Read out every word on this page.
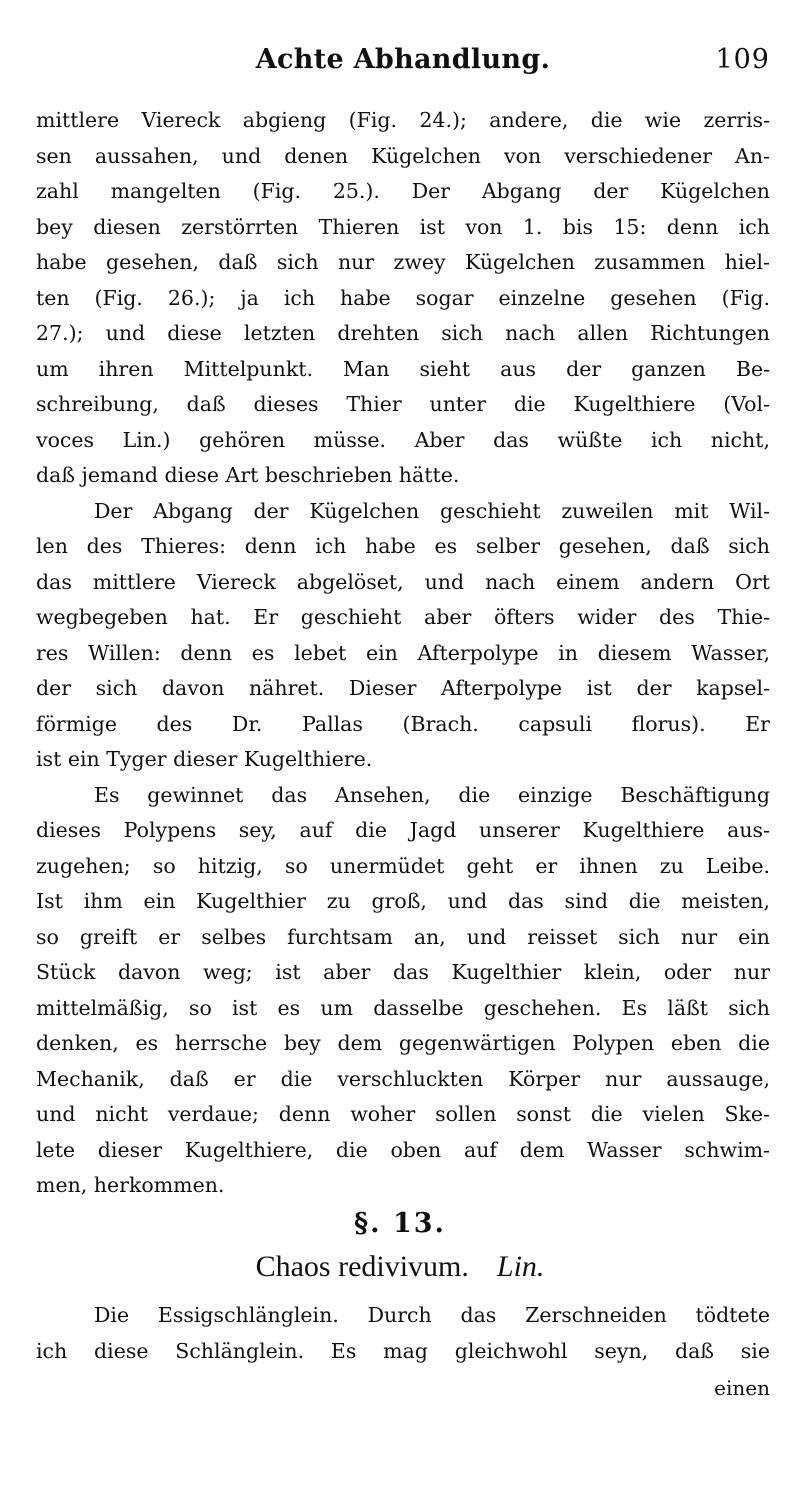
Achte Abhandlung.	109
mittlere Viereck abgieng (Fig. 24.); andere, die wie zerris-
sen aussahen, und denen Kügelchen von verschiedener An-
zahl mangelten (Fig. 25.). Der Abgang der Kügelchen
bey diesen zerstörrten Thieren ist von 1. bis 15: denn ich
habe gesehen, daß sich nur zwey Kügelchen zusammen hiel-
ten (Fig. 26.); ja ich habe sogar einzelne gesehen (Fig.
27.); und diese letzten drehten sich nach allen Richtungen
um ihren Mittelpunkt. Man sieht aus der ganzen Be-
schreibung, daß dieses Thier unter die Kugelthiere (Vol-
voces Lin.) gehören müsse. Aber das wüßte ich nicht,
daß jemand diese Art beschrieben hätte.
Der Abgang der Kügelchen geschieht zuweilen mit Wil-
len des Thieres: denn ich habe es selber gesehen, daß sich
das mittlere Viereck abgelöset, und nach einem andern Ort
wegbegeben hat. Er geschieht aber öfters wider des Thie-
res Willen: denn es lebet ein Afterpolype in diesem Wasser,
der sich davon nähret. Dieser Afterpolype ist der kapsel-
förmige des Dr. Pallas (Brach. capsuli florus). Er
ist ein Tyger dieser Kugelthiere.
Es gewinnet das Ansehen, die einzige Beschäftigung
dieses Polypens sey, auf die Jagd unserer Kugelthiere aus-
zugehen; so hitzig, so unermüdet geht er ihnen zu Leibe.
Ist ihm ein Kugelthier zu groß, und das sind die meisten,
so greift er selbes furchtsam an, und reisset sich nur ein
Stück davon weg; ist aber das Kugelthier klein, oder nur
mittelmäßig, so ist es um dasselbe geschehen. Es läßt sich
denken, es herrsche bey dem gegenwärtigen Polypen eben die
Mechanik, daß er die verschluckten Körper nur aussauge,
und nicht verdaue; denn woher sollen sonst die vielen Ske-
lete dieser Kugelthiere, die oben auf dem Wasser schwim-
men, herkommen.
§. 13.
Chaos redivivum. Lin.
Die Essigschlänglein. Durch das Zerschneiden tödtete
ich diese Schlänglein. Es mag gleichwohl seyn, daß sie
einen
